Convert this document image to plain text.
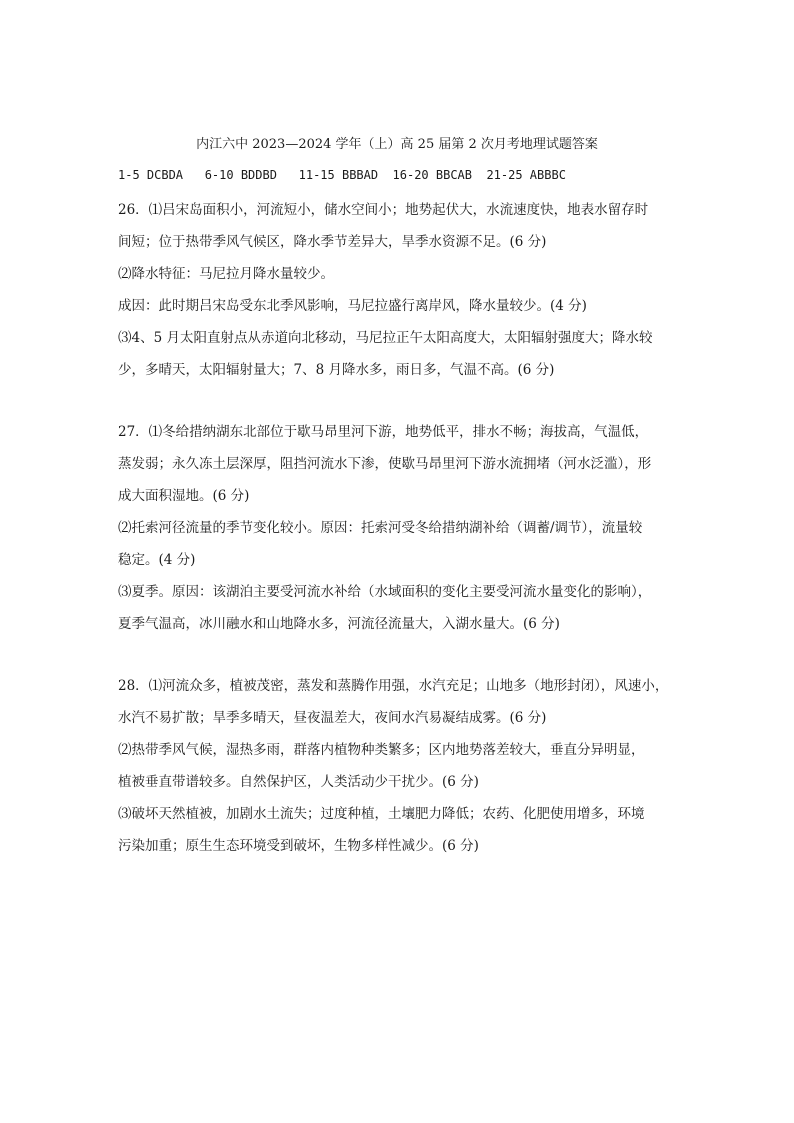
内江六中 2023—2024 学年（上）高 25 届第 2 次月考地理试题答案
1-5 DCBDA   6-10 BDDBD   11-15 BBBAD  16-20 BBCAB  21-25 ABBBC
26．⑴吕宋岛面积小，河流短小，储水空间小；地势起伏大，水流速度快，地表水留存时
间短；位于热带季风气候区，降水季节差异大，旱季水资源不足。(6 分)
⑵降水特征：马尼拉月降水量较少。
成因：此时期吕宋岛受东北季风影响，马尼拉盛行离岸风，降水量较少。(4 分)
⑶4、5 月太阳直射点从赤道向北移动，马尼拉正午太阳高度大，太阳辐射强度大；降水较
少，多晴天，太阳辐射量大；7、8 月降水多，雨日多，气温不高。(6 分)
27．⑴冬给措纳湖东北部位于歇马昂里河下游，地势低平，排水不畅；海拔高，气温低，
蒸发弱；永久冻土层深厚，阻挡河流水下渗，使歇马昂里河下游水流拥堵（河水泛滥），形
成大面积湿地。(6 分)
⑵托索河径流量的季节变化较小。原因：托索河受冬给措纳湖补给（调蓄/调节），流量较
稳定。(4 分)
⑶夏季。原因：该湖泊主要受河流水补给（水域面积的变化主要受河流水量变化的影响），
夏季气温高，冰川融水和山地降水多，河流径流量大，入湖水量大。(6 分)
28．⑴河流众多，植被茂密，蒸发和蒸腾作用强，水汽充足；山地多（地形封闭），风速小，
水汽不易扩散；旱季多晴天，昼夜温差大，夜间水汽易凝结成雾。(6 分)
⑵热带季风气候，湿热多雨，群落内植物种类繁多；区内地势落差较大，垂直分异明显，
植被垂直带谱较多。自然保护区，人类活动少干扰少。(6 分)
⑶破坏天然植被，加剧水土流失；过度种植，土壤肥力降低；农药、化肥使用增多，环境
污染加重；原生生态环境受到破坏，生物多样性减少。(6 分)
